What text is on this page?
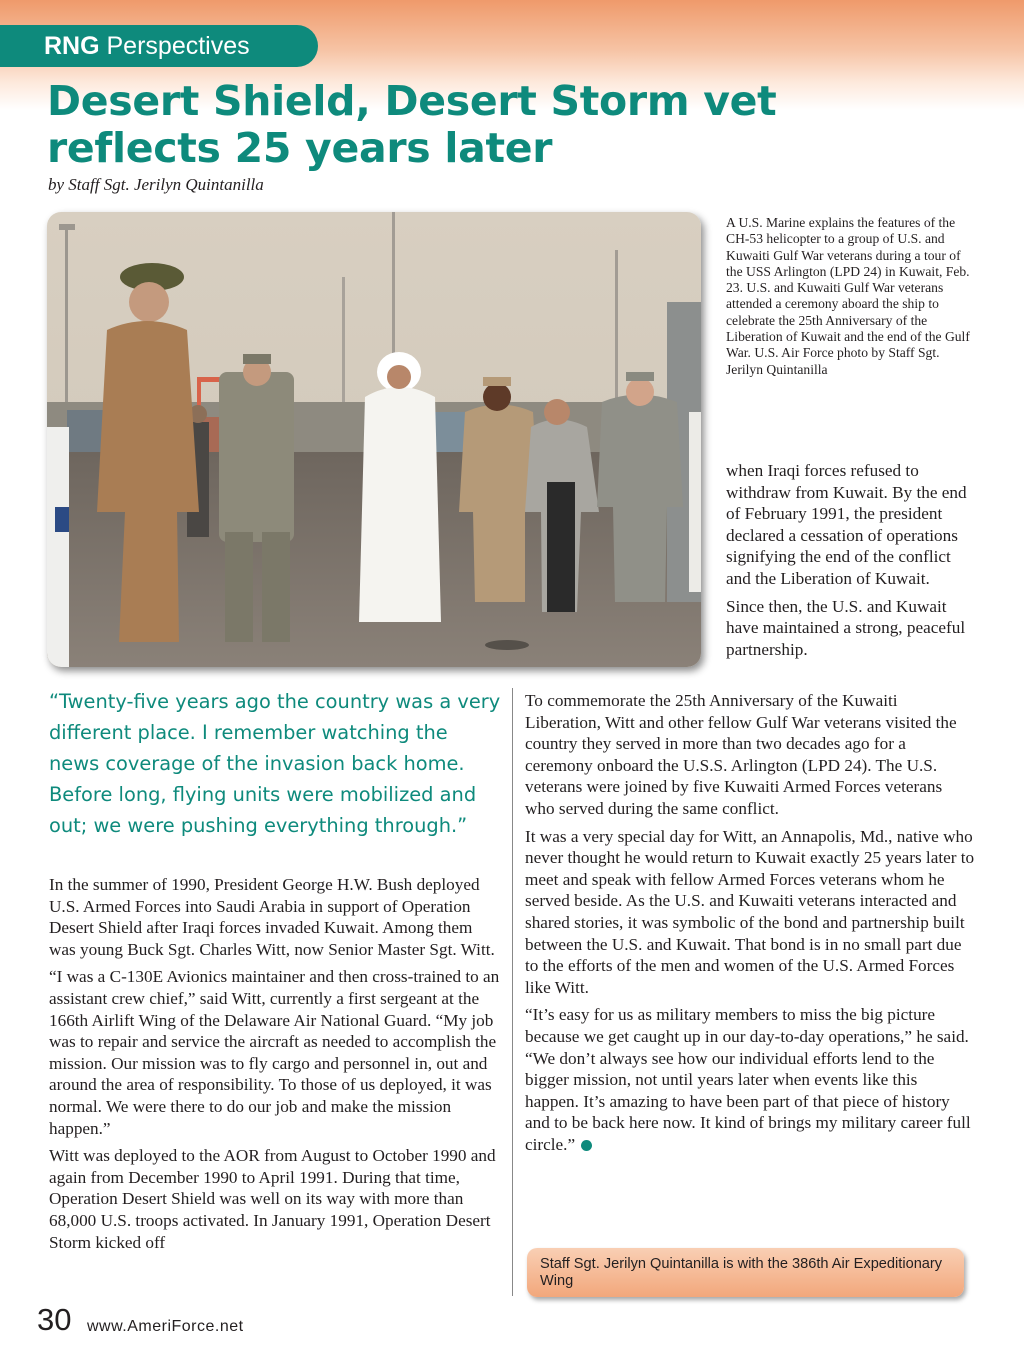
RNG Perspectives
Desert Shield, Desert Storm vet
reflects 25 years later
by Staff Sgt. Jerilyn Quintanilla
A U.S. Marine explains the features of the CH-53 helicopter to a group of U.S. and Kuwaiti Gulf War veterans during a tour of the USS Arlington (LPD 24) in Kuwait, Feb. 23. U.S. and Kuwaiti Gulf War veterans attended a ceremony aboard the ship to celebrate the 25th Anniversary of the Liberation of Kuwait and the end of the Gulf War. U.S. Air Force photo by Staff Sgt. Jerilyn Quintanilla

when Iraqi forces refused to withdraw from Kuwait. By the end of February 1991, the president declared a cessation of operations signifying the end of the conflict and the Liberation of Kuwait.

Since then, the U.S. and Kuwait have maintained a strong, peaceful partnership.

“Twenty-five years ago the country was a very different place. I remember watching the news coverage of the invasion back home. Before long, flying units were mobilized and out; we were pushing everything through.”

In the summer of 1990, President George H.W. Bush deployed U.S. Armed Forces into Saudi Arabia in support of Operation Desert Shield after Iraqi forces invaded Kuwait. Among them was young Buck Sgt. Charles Witt, now Senior Master Sgt. Witt.

“I was a C-130E Avionics maintainer and then cross-trained to an assistant crew chief,” said Witt, currently a first sergeant at the 166th Airlift Wing of the Delaware Air National Guard. “My job was to repair and service the aircraft as needed to accomplish the mission. Our mission was to fly cargo and personnel in, out and around the area of responsibility. To those of us deployed, it was normal. We were there to do our job and make the mission happen.”

Witt was deployed to the AOR from August to October 1990 and again from December 1990 to April 1991. During that time, Operation Desert Shield was well on its way with more than 68,000 U.S. troops activated. In January 1991, Operation Desert Storm kicked off

To commemorate the 25th Anniversary of the Kuwaiti Liberation, Witt and other fellow Gulf War veterans visited the country they served in more than two decades ago for a ceremony onboard the U.S.S. Arlington (LPD 24). The U.S. veterans were joined by five Kuwaiti Armed Forces veterans who served during the same conflict.

It was a very special day for Witt, an Annapolis, Md., native who never thought he would return to Kuwait exactly 25 years later to meet and speak with fellow Armed Forces veterans whom he served beside. As the U.S. and Kuwaiti veterans interacted and shared stories, it was symbolic of the bond and partnership built between the U.S. and Kuwait. That bond is in no small part due to the efforts of the men and women of the U.S. Armed Forces like Witt.

“It’s easy for us as military members to miss the big picture because we get caught up in our day-to-day operations,” he said. “We don’t always see how our individual efforts lend to the bigger mission, not until years later when events like this happen. It’s amazing to have been part of that piece of history and to be back here now. It kind of brings my military career full circle.”

Staff Sgt. Jerilyn Quintanilla is with the 386th Air Expeditionary Wing
30 www.AmeriForce.net
